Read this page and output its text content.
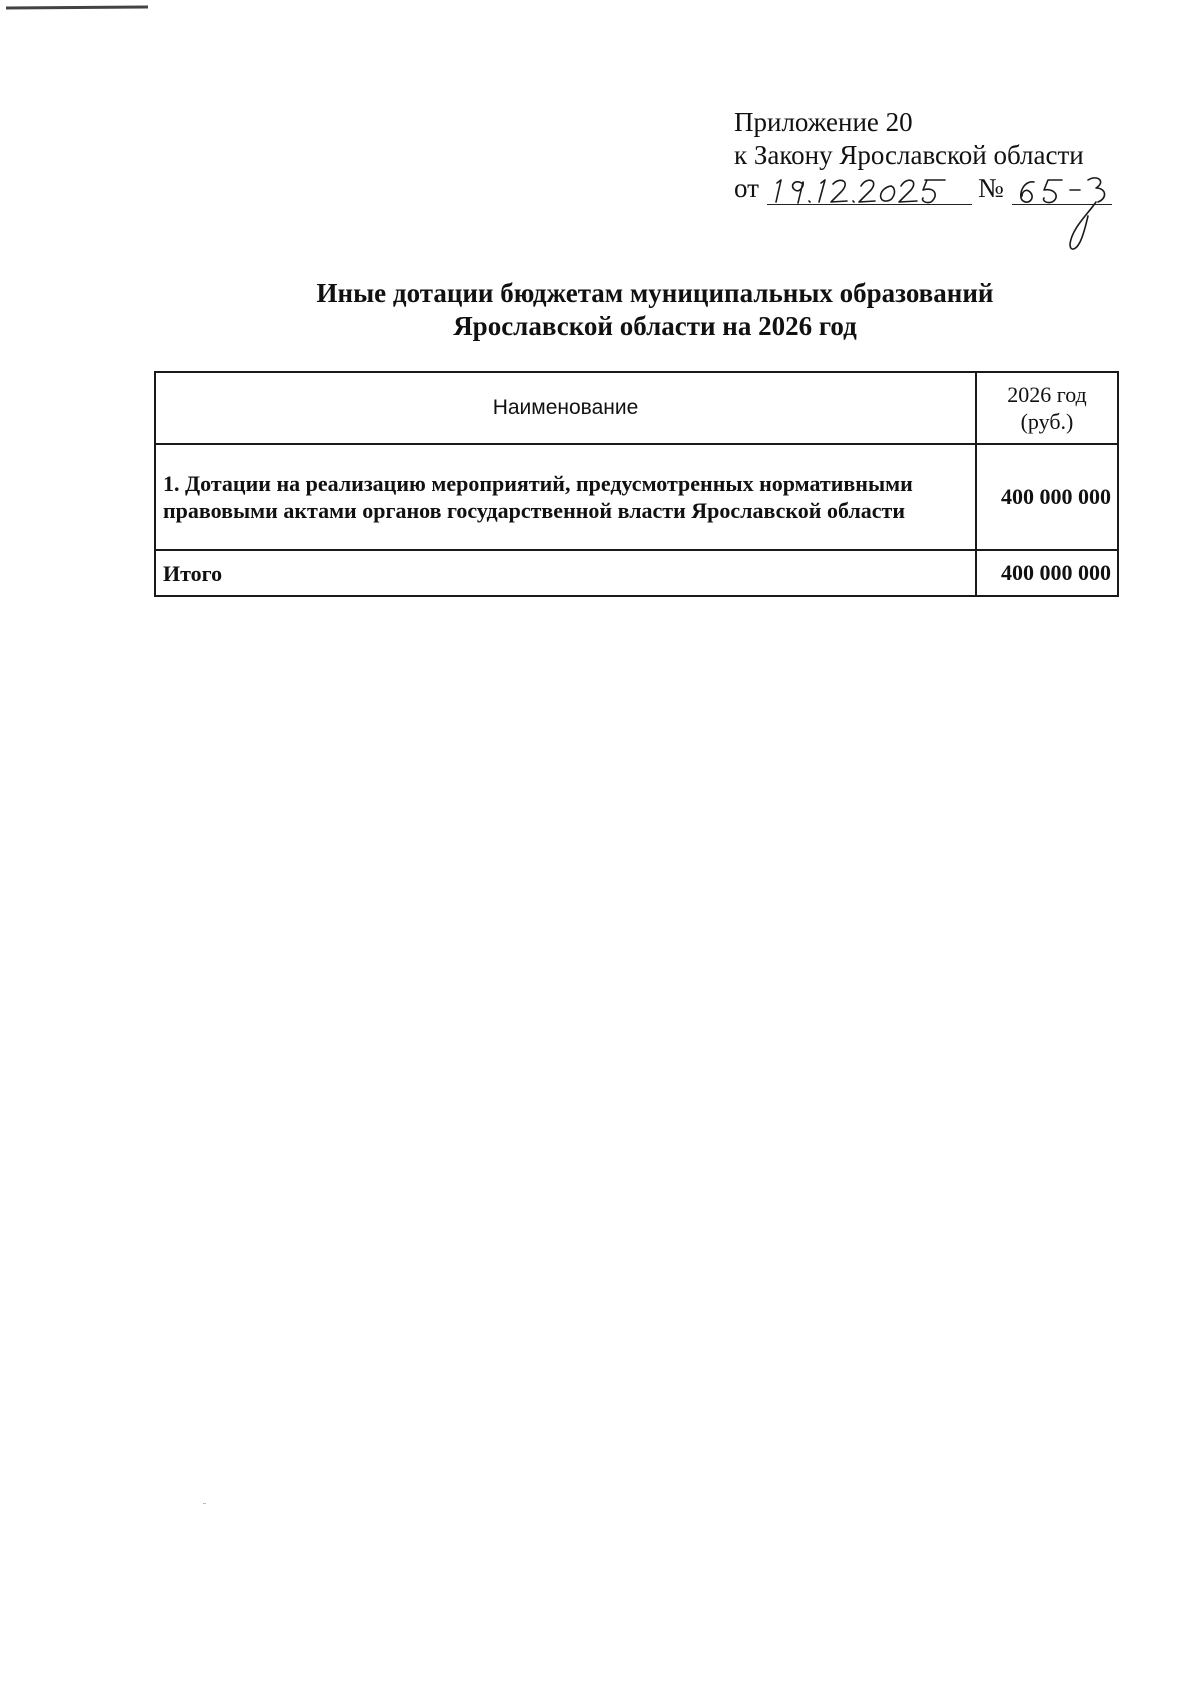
Приложение 20
к Закону Ярославской области
от	№
Иные дотации бюджетам муниципальных образований
Ярославской области на 2026 год
Наименование	2026 год
(руб.)
1. Дотации на реализацию мероприятий, предусмотренных нормативными правовыми актами органов государственной власти Ярославской области	400 000 000
Итого	400 000 000
